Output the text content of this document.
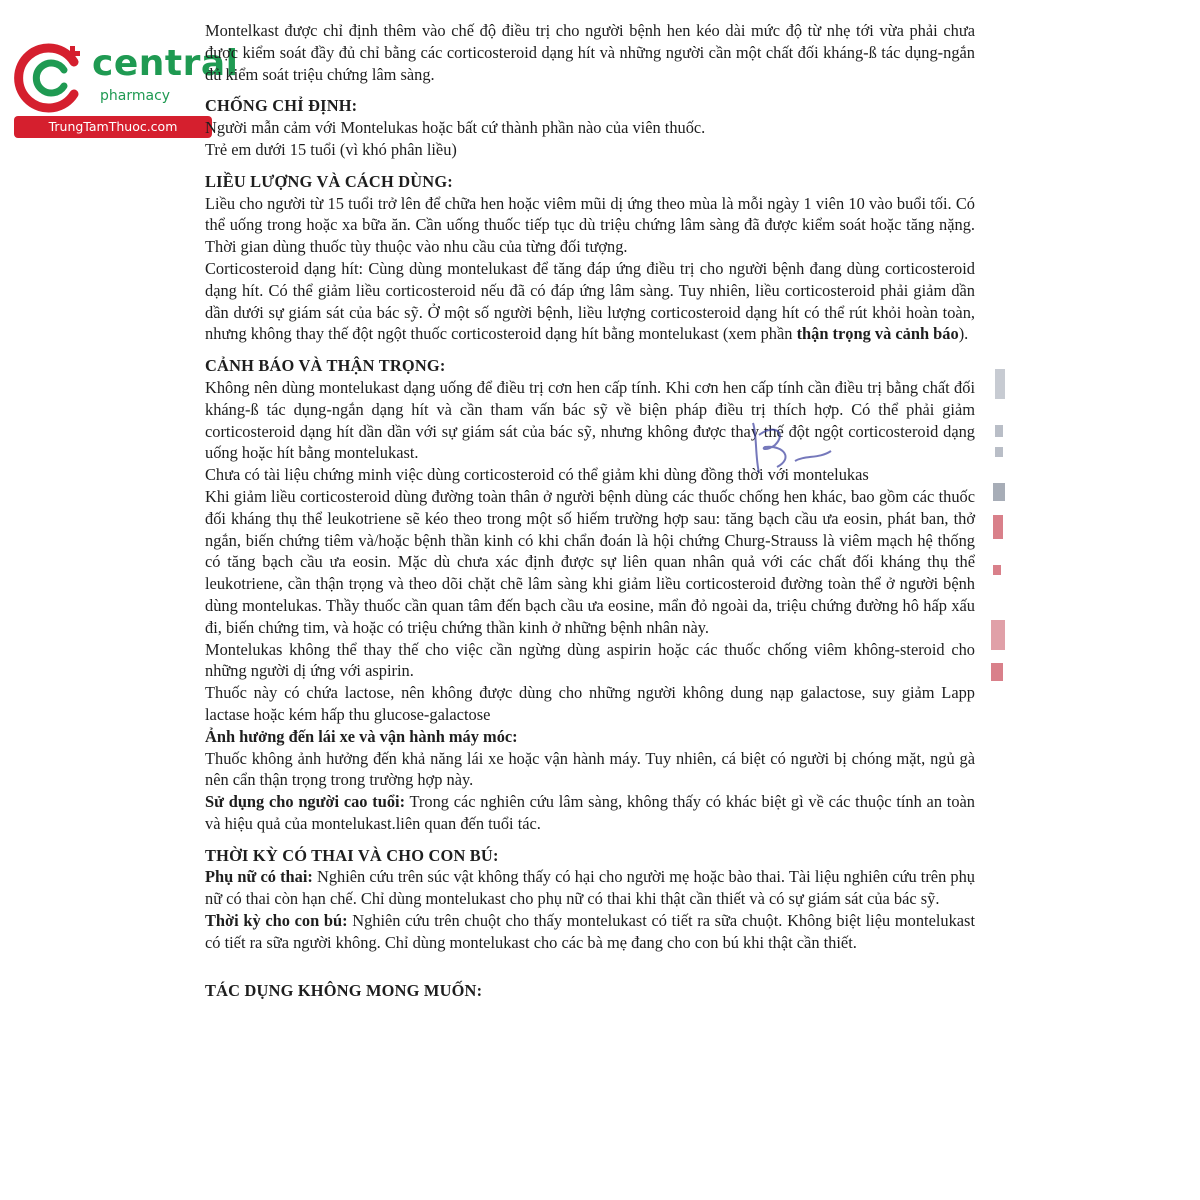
central
pharmacy
TrungTamThuoc.com

Montelkast được chỉ định thêm vào chế độ điều trị cho người bệnh hen kéo dài mức độ từ nhẹ tới vừa phải chưa được kiểm soát đầy đủ chỉ bằng các corticosteroid dạng hít và những người cần một chất đối kháng-ß tác dụng-ngắn đủ kiểm soát triệu chứng lâm sàng.

CHỐNG CHỈ ĐỊNH:

Người mẫn cảm với Montelukas hoặc bất cứ thành phần nào của viên thuốc.

Trẻ em dưới 15 tuổi (vì khó phân liều)

LIỀU LƯỢNG VÀ CÁCH DÙNG:

Liều cho người từ 15 tuổi trở lên để chữa hen hoặc viêm mũi dị ứng theo mùa là mỗi ngày 1 viên 10 vào buổi tối. Có thể uống trong hoặc xa bữa ăn. Cần uống thuốc tiếp tục dù triệu chứng lâm sàng đã được kiểm soát hoặc tăng nặng. Thời gian dùng thuốc tùy thuộc vào nhu cầu của từng đối tượng.

Corticosteroid dạng hít: Cùng dùng montelukast để tăng đáp ứng điều trị cho người bệnh đang dùng corticosteroid dạng hít. Có thể giảm liều corticosteroid nếu đã có đáp ứng lâm sàng. Tuy nhiên, liều corticosteroid phải giảm dần dần dưới sự giám sát của bác sỹ. Ở một số người bệnh, liều lượng corticosteroid dạng hít có thể rút khỏi hoàn toàn, nhưng không thay thế đột ngột thuốc corticosteroid dạng hít bằng montelukast (xem phần thận trọng và cảnh báo).

CẢNH BÁO VÀ THẬN TRỌNG:

Không nên dùng montelukast dạng uống để điều trị cơn hen cấp tính. Khi cơn hen cấp tính cần điều trị bằng chất đối kháng-ß tác dụng-ngắn dạng hít và cần tham vấn bác sỹ về biện pháp điều trị thích hợp. Có thể phải giảm corticosteroid dạng hít dần dần với sự giám sát của bác sỹ, nhưng không được thay thế đột ngột corticosteroid dạng uống hoặc hít bằng montelukast.

Chưa có tài liệu chứng minh việc dùng corticosteroid có thể giảm khi dùng đồng thời với montelukas

Khi giảm liều corticosteroid dùng đường toàn thân ở người bệnh dùng các thuốc chống hen khác, bao gồm các thuốc đối kháng thụ thể leukotriene sẽ kéo theo trong một số hiếm trường hợp sau: tăng bạch cầu ưa eosin, phát ban, thở ngắn, biến chứng tiêm và/hoặc bệnh thần kinh có khi chẩn đoán là hội chứng Churg-Strauss là viêm mạch hệ thống có tăng bạch cầu ưa eosin. Mặc dù chưa xác định được sự liên quan nhân quả với các chất đối kháng thụ thể leukotriene, cần thận trọng và theo dõi chặt chẽ lâm sàng khi giảm liều corticosteroid đường toàn thể ở người bệnh dùng montelukas. Thầy thuốc cần quan tâm đến bạch cầu ưa eosine, mẩn đỏ ngoài da, triệu chứng đường hô hấp xấu đi, biến chứng tim, và hoặc có triệu chứng thần kinh ở những bệnh nhân này.

Montelukas không thể thay thế cho việc cần ngừng dùng aspirin hoặc các thuốc chống viêm không-steroid cho những người dị ứng với aspirin.

Thuốc này có chứa lactose, nên không được dùng cho những người không dung nạp galactose, suy giảm Lapp lactase hoặc kém hấp thu glucose-galactose

Ảnh hưởng đến lái xe và vận hành máy móc:

Thuốc không ảnh hưởng đến khả năng lái xe hoặc vận hành máy. Tuy nhiên, cá biệt có người bị chóng mặt, ngủ gà nên cẩn thận trọng trong trường hợp này.

Sử dụng cho người cao tuổi: Trong các nghiên cứu lâm sàng, không thấy có khác biệt gì về các thuộc tính an toàn và hiệu quả của montelukast.liên quan đến tuổi tác.

THỜI KỲ CÓ THAI VÀ CHO CON BÚ:

Phụ nữ có thai: Nghiên cứu trên súc vật không thấy có hại cho người mẹ hoặc bào thai. Tài liệu nghiên cứu trên phụ nữ có thai còn hạn chế. Chỉ dùng montelukast cho phụ nữ có thai khi thật cần thiết và có sự giám sát của bác sỹ.

Thời kỳ cho con bú: Nghiên cứu trên chuột cho thấy montelukast có tiết ra sữa chuột. Không biệt liệu montelukast có tiết ra sữa người không. Chỉ dùng montelukast cho các bà mẹ đang cho con bú khi thật cần thiết.

TÁC DỤNG KHÔNG MONG MUỐN:
